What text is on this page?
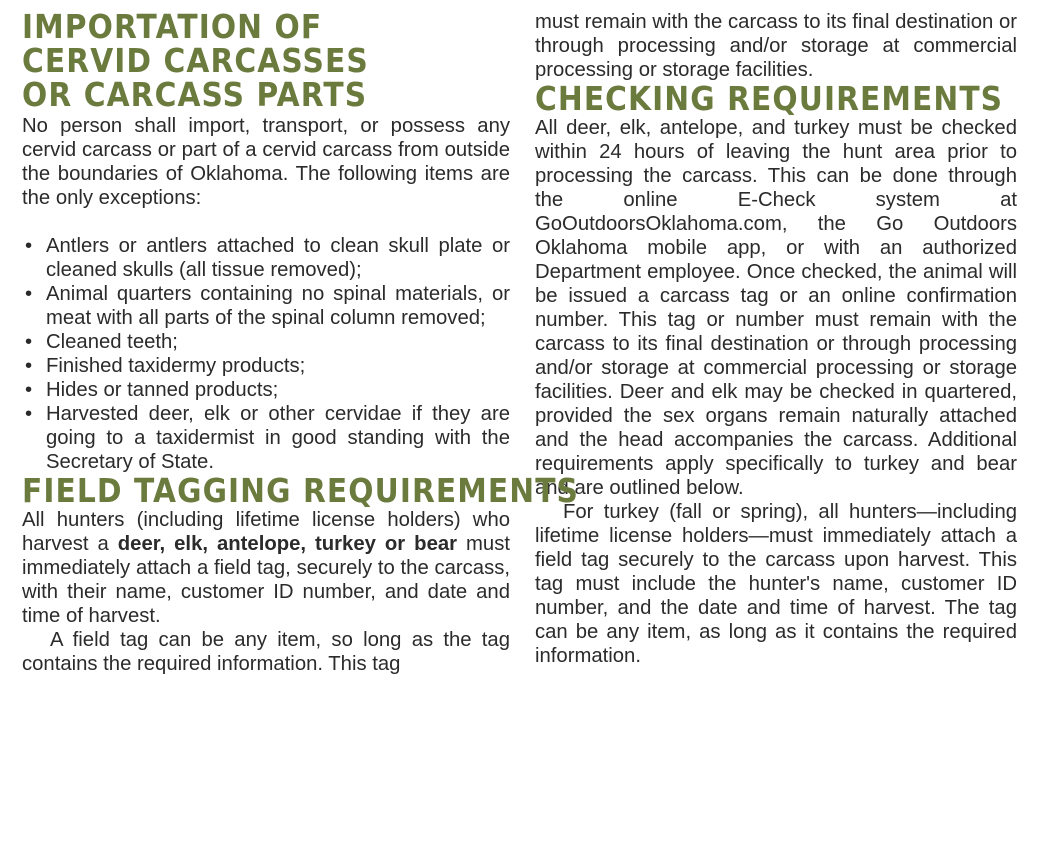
IMPORTATION OF
CERVID CARCASSES
OR CARCASS PARTS

No person shall import, transport, or possess any cervid carcass or part of a cervid carcass from outside the boundaries of Oklahoma. The following items are the only exceptions:

• Antlers or antlers attached to clean skull plate or cleaned skulls (all tissue removed);
• Animal quarters containing no spinal materials, or meat with all parts of the spinal column removed;
• Cleaned teeth;
• Finished taxidermy products;
• Hides or tanned products;
• Harvested deer, elk or other cervidae if they are going to a taxidermist in good standing with the Secretary of State.
FIELD TAGGING REQUIREMENTS

All hunters (including lifetime license holders) who harvest a deer, elk, antelope, turkey or bear must immediately attach a field tag, securely to the carcass, with their name, customer ID number, and date and time of harvest.

A field tag can be any item, so long as the tag contains the required information. This tag

must remain with the carcass to its final destination or through processing and/or storage at commercial processing or storage facilities.

CHECKING REQUIREMENTS

All deer, elk, antelope, and turkey must be checked within 24 hours of leaving the hunt area prior to processing the carcass. This can be done through the online E-Check system at GoOutdoorsOklahoma.com, the Go Outdoors Oklahoma mobile app, or with an authorized Department employee. Once checked, the animal will be issued a carcass tag or an online confirmation number. This tag or number must remain with the carcass to its final destination or through processing and/or storage at commercial processing or storage facilities. Deer and elk may be checked in quartered, provided the sex organs remain naturally attached and the head accompanies the carcass. Additional requirements apply specifically to turkey and bear and are outlined below.

For turkey (fall or spring), all hunters—including lifetime license holders—must immediately attach a field tag securely to the carcass upon harvest. This tag must include the hunter's name, customer ID number, and the date and time of harvest. The tag can be any item, as long as it contains the required information.
